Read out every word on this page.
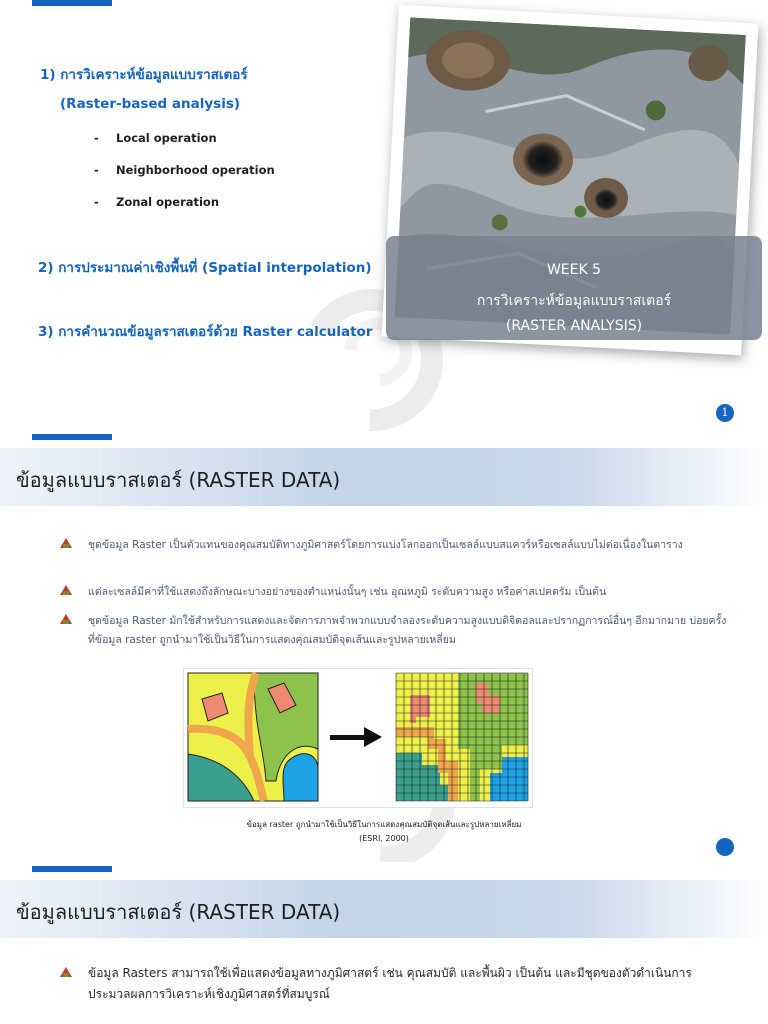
1) การวิเคราะห์ข้อมูลแบบราสเตอร์
(Raster-based analysis)
- Local operation
- Neighborhood operation
- Zonal operation
2) การประมาณค่าเชิงพื้นที่ (Spatial interpolation)
3) การคำนวณข้อมูลราสเตอร์ด้วย Raster calculator
WEEK 5
การวิเคราะห์ข้อมูลแบบราสเตอร์
(RASTER ANALYSIS)
1
ข้อมูลแบบราสเตอร์ (RASTER DATA)
ชุดข้อมูล Raster เป็นตัวแทนของคุณสมบัติทางภูมิศาสตร์โดยการแบ่งโลกออกเป็นเซลล์แบบสแควร์หรือเซลล์แบบไม่ต่อเนื่องในตาราง
แต่ละเซลล์มีค่าที่ใช้แสดงถึงลักษณะบางอย่างของตำแหน่งนั้นๆ เช่น อุณหภูมิ ระดับความสูง หรือค่าสเปคตรัม เป็นต้น
ชุดข้อมูล Raster มักใช้สำหรับการแสดงและจัดการภาพจำพวกแบบจำลองระดับความสูงแบบดิจิตอลและปรากฏการณ์อื่นๆ อีกมากมาย บ่อยครั้งที่ข้อมูล raster ถูกนำมาใช้เป็นวิธีในการแสดงคุณสมบัติจุดเส้นและรูปหลายเหลี่ยม
ข้อมูล raster ถูกนำมาใช้เป็นวิธีในการแสดงคุณสมบัติจุดเส้นและรูปหลายเหลี่ยม
(ESRI, 2000)
ข้อมูลแบบราสเตอร์ (RASTER DATA)
ข้อมูล Rasters สามารถใช้เพื่อแสดงข้อมูลทางภูมิศาสตร์ เช่น คุณสมบัติ และพื้นผิว เป็นต้น และมีชุดของตัวดำเนินการประมวลผลการวิเคราะห์เชิงภูมิศาสตร์ที่สมบูรณ์
